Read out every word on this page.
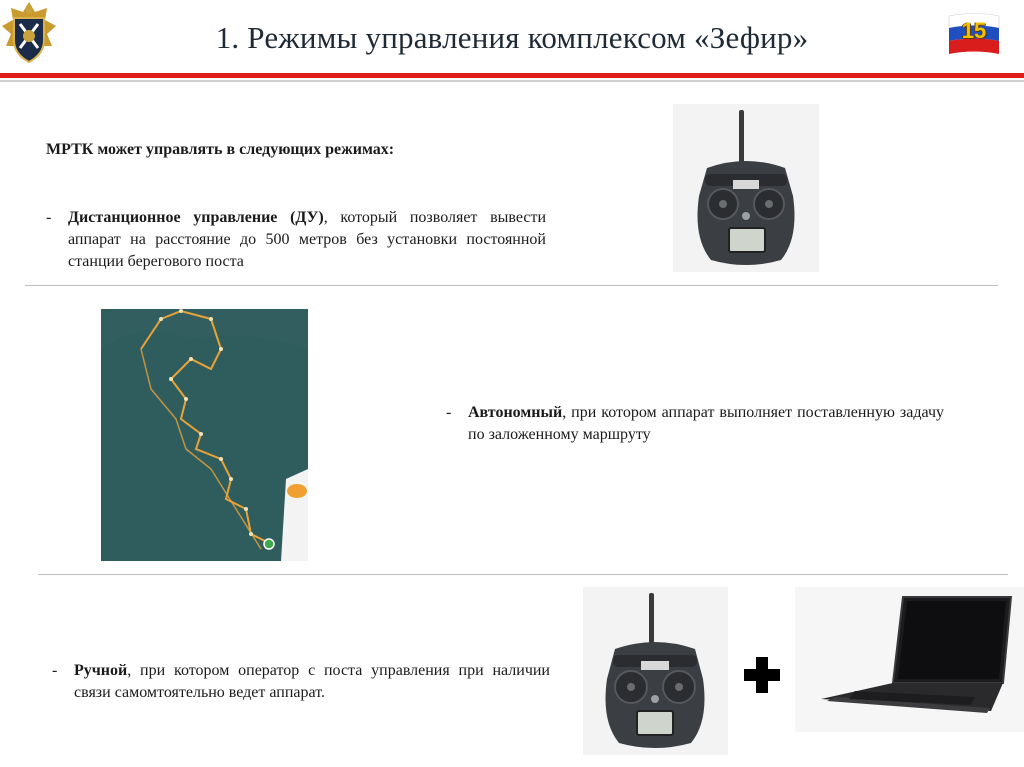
1. Режимы управления комплексом «Зефир»	15
МРТК может управлять в следующих режимах:
-	Дистанционное управление (ДУ), который позволяет вывести аппарат на расстояние до 500 метров без установки постоянной станции берегового поста
-	Автономный, при котором аппарат выполняет поставленную задачу по заложенному маршруту
-	Ручной, при котором оператор с поста управления при наличии связи самомтоятельно ведет аппарат.
